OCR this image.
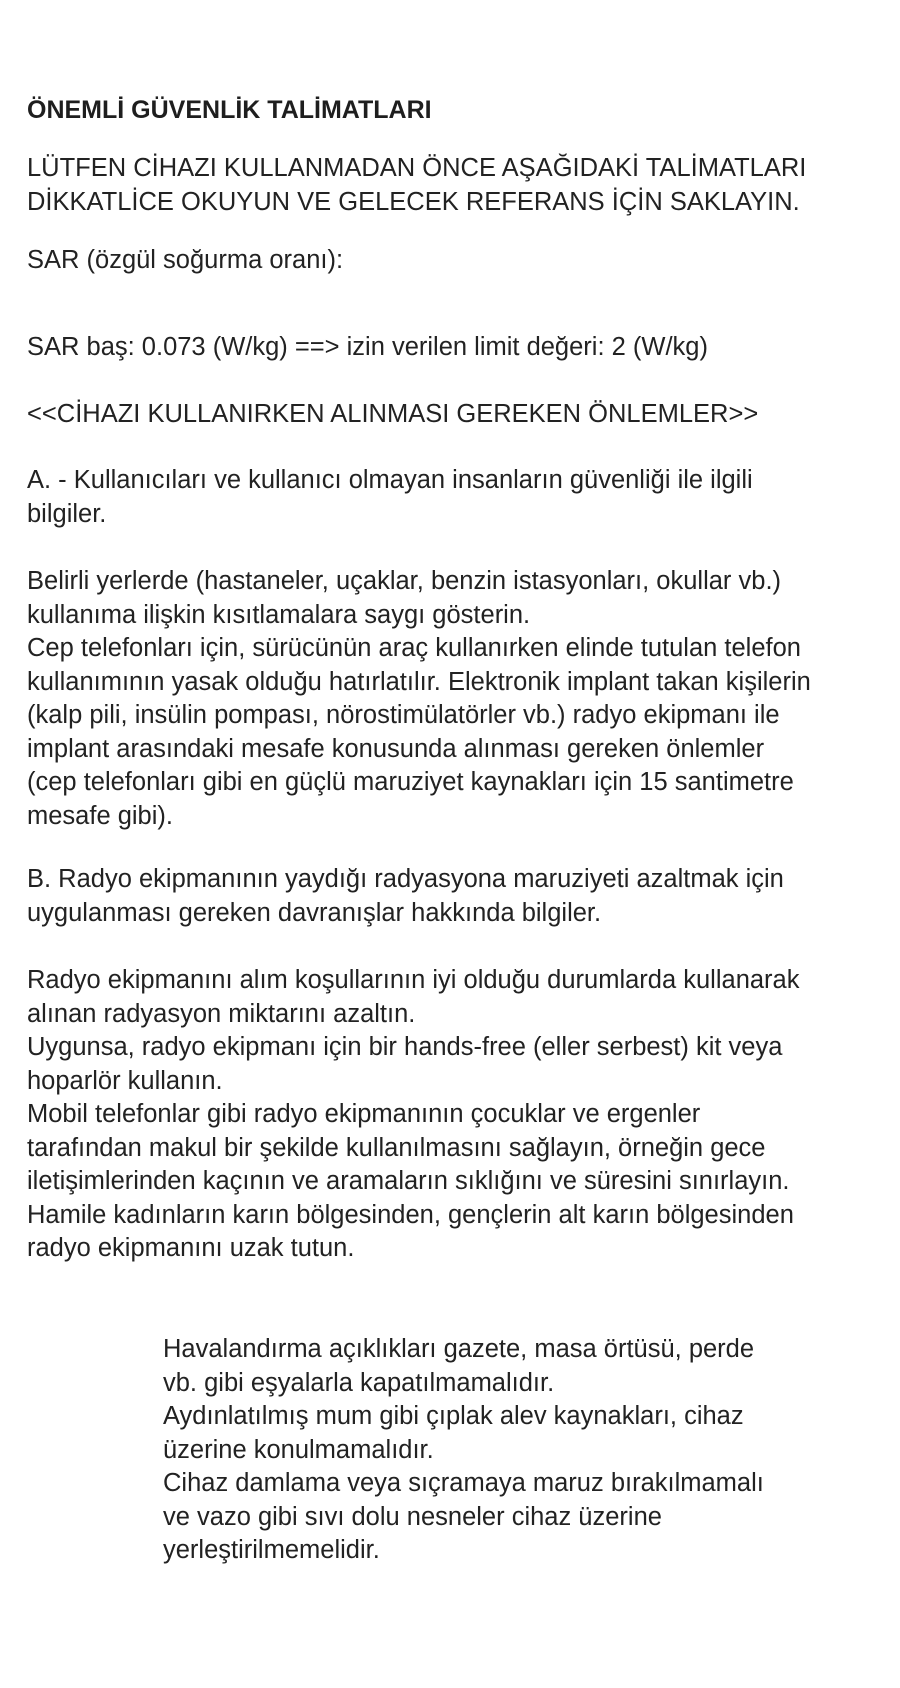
ÖNEMLİ GÜVENLİK TALİMATLARI

LÜTFEN CİHAZI KULLANMADAN ÖNCE AŞAĞIDAKİ TALİMATLARI
DİKKATLİCE OKUYUN VE GELECEK REFERANS İÇİN SAKLAYIN.

SAR (özgül soğurma oranı):

SAR baş: 0.073 (W/kg) ==> izin verilen limit değeri: 2 (W/kg)

<<CİHAZI KULLANIRKEN ALINMASI GEREKEN ÖNLEMLER>>

A. - Kullanıcıları ve kullanıcı olmayan insanların güvenliği ile ilgili
bilgiler.

Belirli yerlerde (hastaneler, uçaklar, benzin istasyonları, okullar vb.)
kullanıma ilişkin kısıtlamalara saygı gösterin.
Cep telefonları için, sürücünün araç kullanırken elinde tutulan telefon
kullanımının yasak olduğu hatırlatılır. Elektronik implant takan kişilerin
(kalp pili, insülin pompası, nörostimülatörler vb.) radyo ekipmanı ile
implant arasındaki mesafe konusunda alınması gereken önlemler
(cep telefonları gibi en güçlü maruziyet kaynakları için 15 santimetre
mesafe gibi).

B. Radyo ekipmanının yaydığı radyasyona maruziyeti azaltmak için
uygulanması gereken davranışlar hakkında bilgiler.

Radyo ekipmanını alım koşullarının iyi olduğu durumlarda kullanarak
alınan radyasyon miktarını azaltın.
Uygunsa, radyo ekipmanı için bir hands-free (eller serbest) kit veya
hoparlör kullanın.
Mobil telefonlar gibi radyo ekipmanının çocuklar ve ergenler
tarafından makul bir şekilde kullanılmasını sağlayın, örneğin gece
iletişimlerinden kaçının ve aramaların sıklığını ve süresini sınırlayın.
Hamile kadınların karın bölgesinden, gençlerin alt karın bölgesinden
radyo ekipmanını uzak tutun.

Havalandırma açıklıkları gazete, masa örtüsü, perde
vb. gibi eşyalarla kapatılmamalıdır.
Aydınlatılmış mum gibi çıplak alev kaynakları, cihaz
üzerine konulmamalıdır.
Cihaz damlama veya sıçramaya maruz bırakılmamalı
ve vazo gibi sıvı dolu nesneler cihaz üzerine
yerleştirilmemelidir.
